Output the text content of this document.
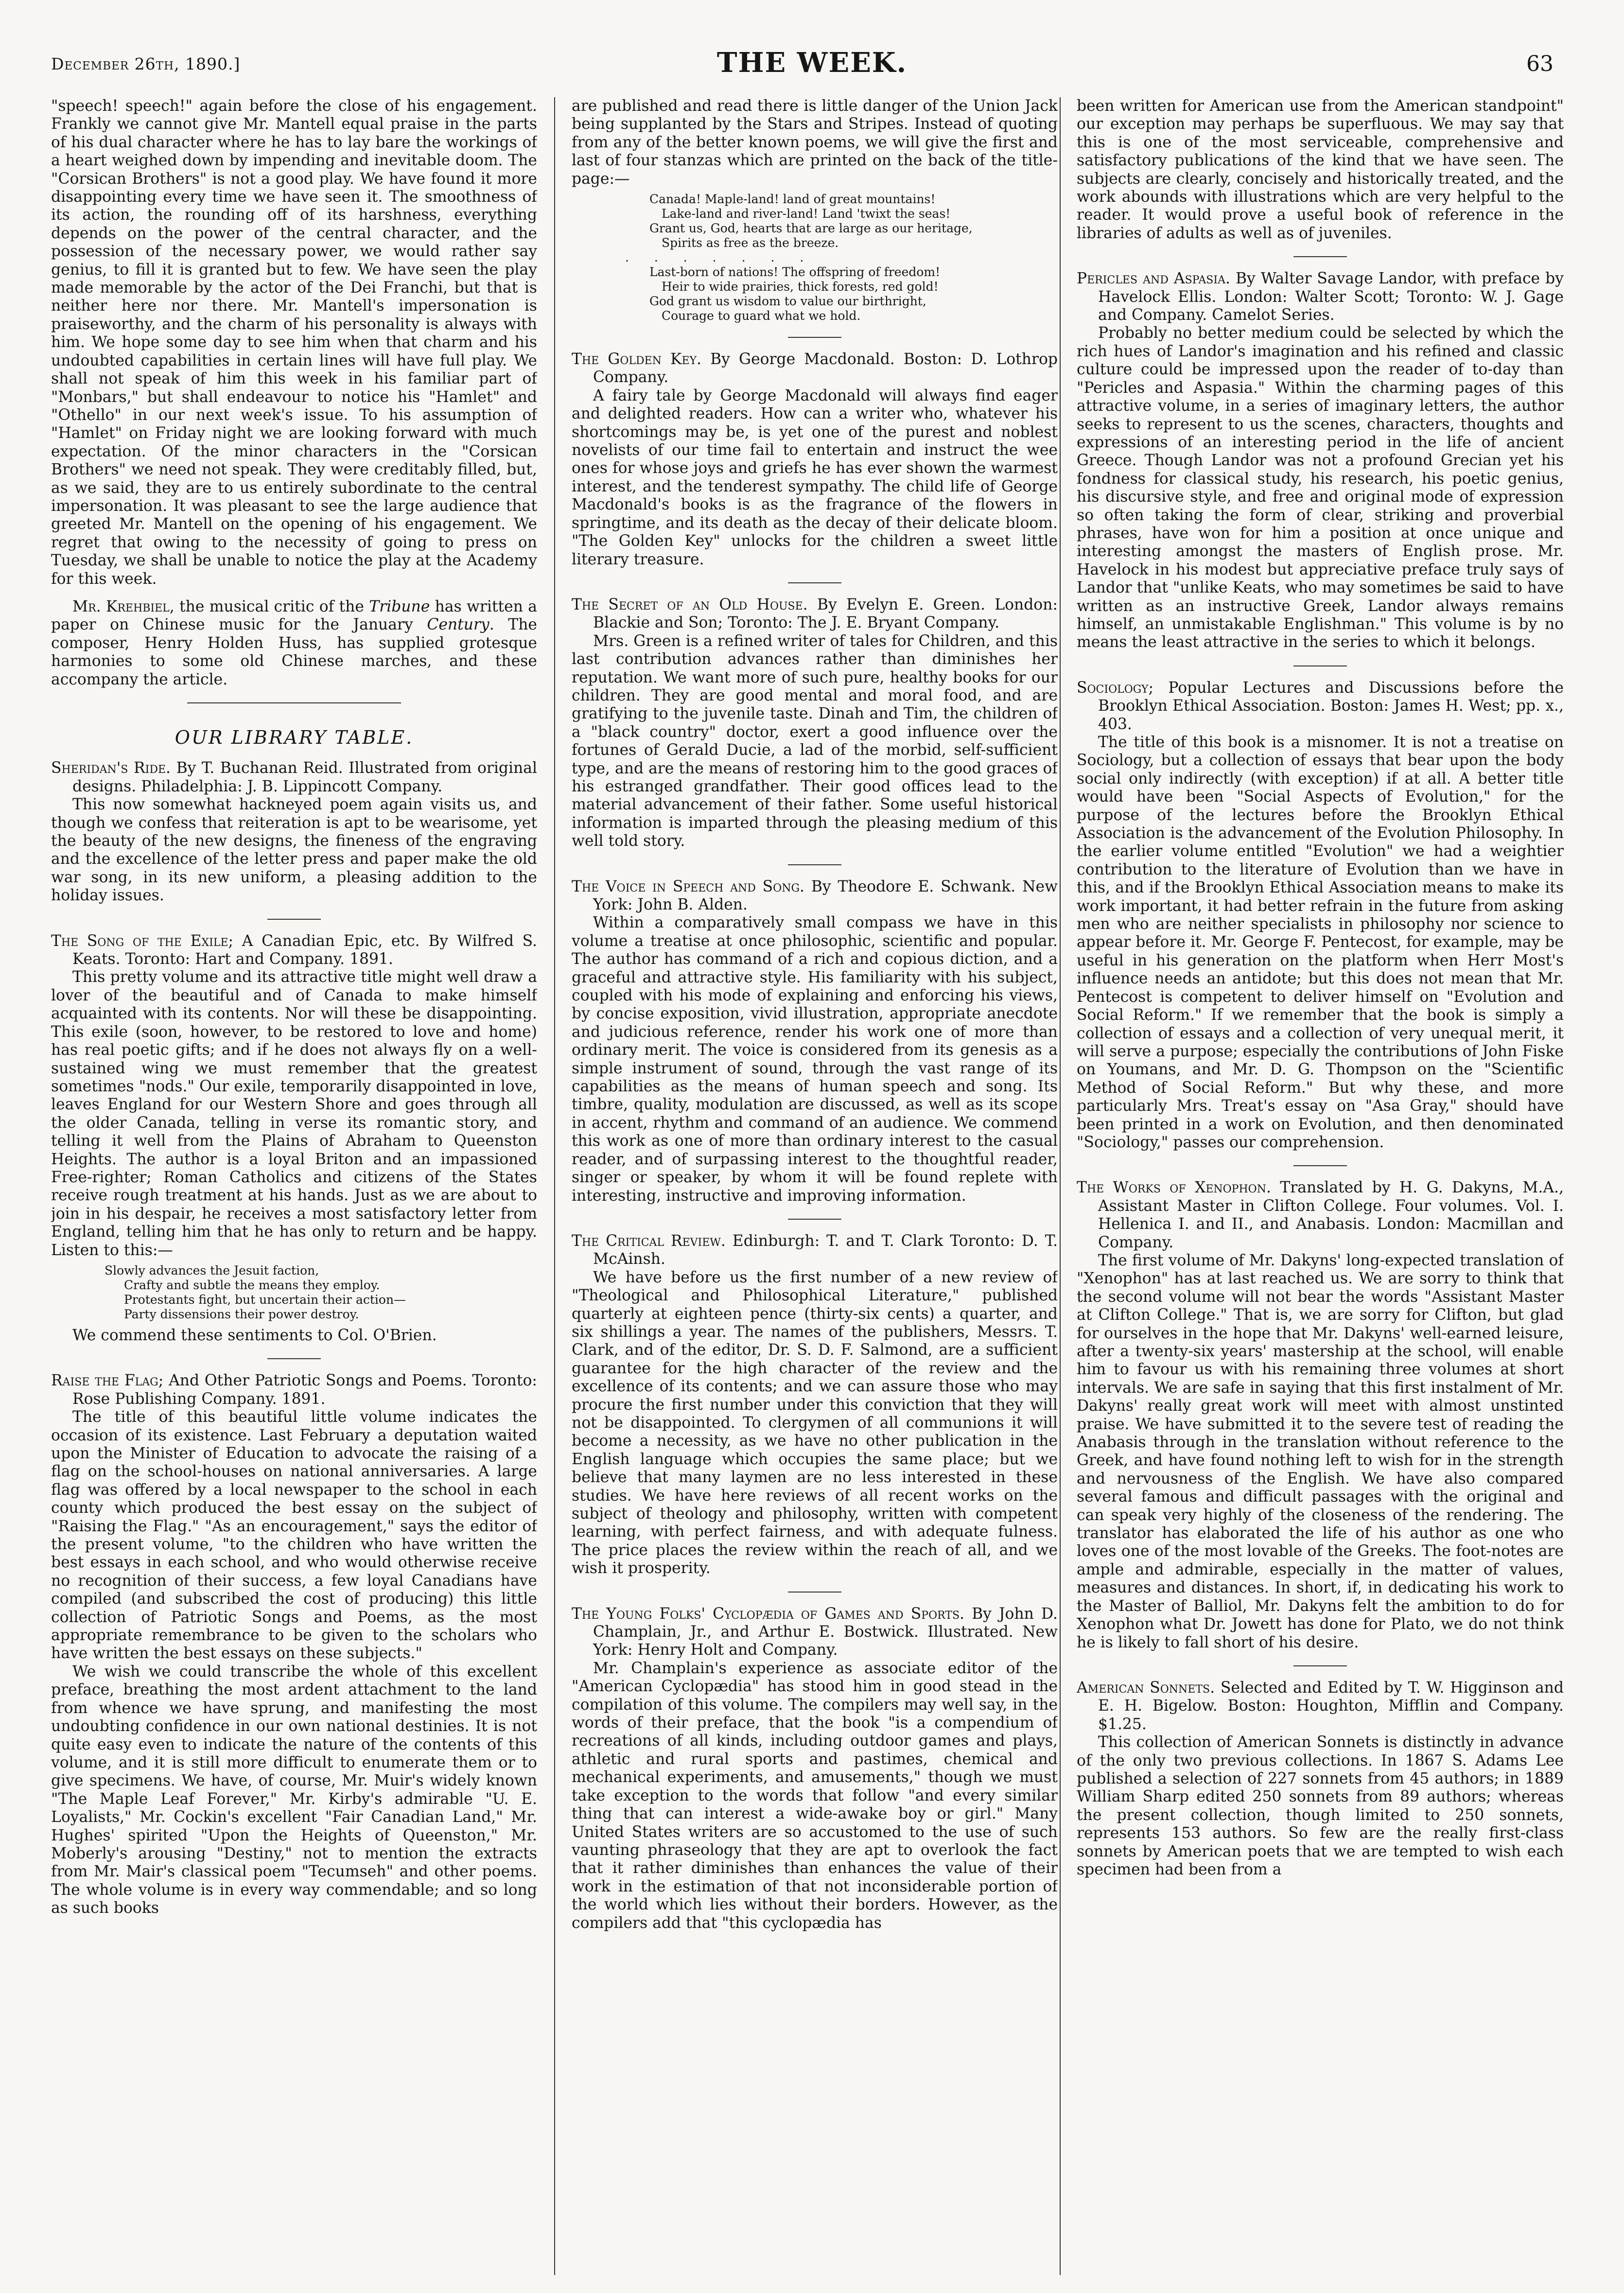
December 26th, 1890.]	THE WEEK.	63

"speech! speech!" again before the close of his engagement. Frankly we cannot give Mr. Mantell equal praise in the parts of his dual character where he has to lay bare the workings of a heart weighed down by impending and inevitable doom. The "Corsican Brothers" is not a good play. We have found it more disappointing every time we have seen it. The smoothness of its action, the rounding off of its harshness, everything depends on the power of the central character, and the possession of the necessary power, we would rather say genius, to fill it is granted but to few. We have seen the play made memorable by the actor of the Dei Franchi, but that is neither here nor there. Mr. Mantell's impersonation is praiseworthy, and the charm of his personality is always with him. We hope some day to see him when that charm and his undoubted capabilities in certain lines will have full play. We shall not speak of him this week in his familiar part of "Monbars," but shall endeavour to notice his "Hamlet" and "Othello" in our next week's issue. To his assumption of "Hamlet" on Friday night we are looking forward with much expectation. Of the minor characters in the "Corsican Brothers" we need not speak. They were creditably filled, but, as we said, they are to us entirely subordinate to the central impersonation. It was pleasant to see the large audience that greeted Mr. Mantell on the opening of his engagement. We regret that owing to the necessity of going to press on Tuesday, we shall be unable to notice the play at the Academy for this week.

Mr. Krehbiel, the musical critic of the Tribune has written a paper on Chinese music for the January Century. The composer, Henry Holden Huss, has supplied grotesque harmonies to some old Chinese marches, and these accompany the article.

OUR LIBRARY TABLE.
Sheridan's Ride. By T. Buchanan Reid. Illustrated from original designs. Philadelphia: J. B. Lippincott Company.

This now somewhat hackneyed poem again visits us, and though we confess that reiteration is apt to be wearisome, yet the beauty of the new designs, the fineness of the engraving and the excellence of the letter press and paper make the old war song, in its new uniform, a pleasing addition to the holiday issues.

The Song of the Exile; A Canadian Epic, etc. By Wilfred S. Keats. Toronto: Hart and Company. 1891.

This pretty volume and its attractive title might well draw a lover of the beautiful and of Canada to make himself acquainted with its contents. Nor will these be disappointing. This exile (soon, however, to be restored to love and home) has real poetic gifts; and if he does not always fly on a well-sustained wing we must remember that the greatest sometimes "nods." Our exile, temporarily disappointed in love, leaves England for our Western Shore and goes through all the older Canada, telling in verse its romantic story, and telling it well from the Plains of Abraham to Queenston Heights. The author is a loyal Briton and an impassioned Free-righter; Roman Catholics and citizens of the States receive rough treatment at his hands. Just as we are about to join in his despair, he receives a most satisfactory letter from England, telling him that he has only to return and be happy. Listen to this:—

Slowly advances the Jesuit faction,
Crafty and subtle the means they employ.
Protestants fight, but uncertain their action—
Party dissensions their power destroy.

We commend these sentiments to Col. O'Brien.

Raise the Flag; And Other Patriotic Songs and Poems. Toronto: Rose Publishing Company. 1891.

The title of this beautiful little volume indicates the occasion of its existence. Last February a deputation waited upon the Minister of Education to advocate the raising of a flag on the school-houses on national anniversaries. A large flag was offered by a local newspaper to the school in each county which produced the best essay on the subject of "Raising the Flag." "As an encouragement," says the editor of the present volume, "to the children who have written the best essays in each school, and who would otherwise receive no recognition of their success, a few loyal Canadians have compiled (and subscribed the cost of producing) this little collection of Patriotic Songs and Poems, as the most appropriate remembrance to be given to the scholars who have written the best essays on these subjects."

We wish we could transcribe the whole of this excellent preface, breathing the most ardent attachment to the land from whence we have sprung, and manifesting the most undoubting confidence in our own national destinies. It is not quite easy even to indicate the nature of the contents of this volume, and it is still more difficult to enumerate them or to give specimens. We have, of course, Mr. Muir's widely known "The Maple Leaf Forever," Mr. Kirby's admirable "U. E. Loyalists," Mr. Cockin's excellent "Fair Canadian Land," Mr. Hughes' spirited "Upon the Heights of Queenston," Mr. Moberly's arousing "Destiny," not to mention the extracts from Mr. Mair's classical poem "Tecumseh" and other poems. The whole volume is in every way commendable; and so long as such books

are published and read there is little danger of the Union Jack being supplanted by the Stars and Stripes. Instead of quoting from any of the better known poems, we will give the first and last of four stanzas which are printed on the back of the title-page:—

Canada! Maple-land! land of great mountains!
Lake-land and river-land! Land 'twixt the seas!
Grant us, God, hearts that are large as our heritage,
Spirits as free as the breeze.
. . . . . . .
Last-born of nations! The offspring of freedom!
Heir to wide prairies, thick forests, red gold!
God grant us wisdom to value our birthright,
Courage to guard what we hold.
The Golden Key. By George Macdonald. Boston: D. Lothrop Company.

A fairy tale by George Macdonald will always find eager and delighted readers. How can a writer who, whatever his shortcomings may be, is yet one of the purest and noblest novelists of our time fail to entertain and instruct the wee ones for whose joys and griefs he has ever shown the warmest interest, and the tenderest sympathy. The child life of George Macdonald's books is as the fragrance of the flowers in springtime, and its death as the decay of their delicate bloom. "The Golden Key" unlocks for the children a sweet little literary treasure.

The Secret of an Old House. By Evelyn E. Green. London: Blackie and Son; Toronto: The J. E. Bryant Company.

Mrs. Green is a refined writer of tales for Children, and this last contribution advances rather than diminishes her reputation. We want more of such pure, healthy books for our children. They are good mental and moral food, and are gratifying to the juvenile taste. Dinah and Tim, the children of a "black country" doctor, exert a good influence over the fortunes of Gerald Ducie, a lad of the morbid, self-sufficient type, and are the means of restoring him to the good graces of his estranged grandfather. Their good offices lead to the material advancement of their father. Some useful historical information is imparted through the pleasing medium of this well told story.

The Voice in Speech and Song. By Theodore E. Schwank. New York: John B. Alden.

Within a comparatively small compass we have in this volume a treatise at once philosophic, scientific and popular. The author has command of a rich and copious diction, and a graceful and attractive style. His familiarity with his subject, coupled with his mode of explaining and enforcing his views, by concise exposition, vivid illustration, appropriate anecdote and judicious reference, render his work one of more than ordinary merit. The voice is considered from its genesis as a simple instrument of sound, through the vast range of its capabilities as the means of human speech and song. Its timbre, quality, modulation are discussed, as well as its scope in accent, rhythm and command of an audience. We commend this work as one of more than ordinary interest to the casual reader, and of surpassing interest to the thoughtful reader, singer or speaker, by whom it will be found replete with interesting, instructive and improving information.

The Critical Review. Edinburgh: T. and T. Clark Toronto: D. T. McAinsh.

We have before us the first number of a new review of "Theological and Philosophical Literature," published quarterly at eighteen pence (thirty-six cents) a quarter, and six shillings a year. The names of the publishers, Messrs. T. Clark, and of the editor, Dr. S. D. F. Salmond, are a sufficient guarantee for the high character of the review and the excellence of its contents; and we can assure those who may procure the first number under this conviction that they will not be disappointed. To clergymen of all communions it will become a necessity, as we have no other publication in the English language which occupies the same place; but we believe that many laymen are no less interested in these studies. We have here reviews of all recent works on the subject of theology and philosophy, written with competent learning, with perfect fairness, and with adequate fulness. The price places the review within the reach of all, and we wish it prosperity.

The Young Folks' Cyclopædia of Games and Sports. By John D. Champlain, Jr., and Arthur E. Bostwick. Illustrated. New York: Henry Holt and Company.

Mr. Champlain's experience as associate editor of the "American Cyclopædia" has stood him in good stead in the compilation of this volume. The compilers may well say, in the words of their preface, that the book "is a compendium of recreations of all kinds, including outdoor games and plays, athletic and rural sports and pastimes, chemical and mechanical experiments, and amusements," though we must take exception to the words that follow "and every similar thing that can interest a wide-awake boy or girl." Many United States writers are so accustomed to the use of such vaunting phraseology that they are apt to overlook the fact that it rather diminishes than enhances the value of their work in the estimation of that not inconsiderable portion of the world which lies without their borders. However, as the compilers add that "this cyclopædia has

been written for American use from the American standpoint" our exception may perhaps be superfluous. We may say that this is one of the most serviceable, comprehensive and satisfactory publications of the kind that we have seen. The subjects are clearly, concisely and historically treated, and the work abounds with illustrations which are very helpful to the reader. It would prove a useful book of reference in the libraries of adults as well as of juveniles.

Pericles and Aspasia. By Walter Savage Landor, with preface by Havelock Ellis. London: Walter Scott; Toronto: W. J. Gage and Company. Camelot Series.

Probably no better medium could be selected by which the rich hues of Landor's imagination and his refined and classic culture could be impressed upon the reader of to-day than "Pericles and Aspasia." Within the charming pages of this attractive volume, in a series of imaginary letters, the author seeks to represent to us the scenes, characters, thoughts and expressions of an interesting period in the life of ancient Greece. Though Landor was not a profound Grecian yet his fondness for classical study, his research, his poetic genius, his discursive style, and free and original mode of expression so often taking the form of clear, striking and proverbial phrases, have won for him a position at once unique and interesting amongst the masters of English prose. Mr. Havelock in his modest but appreciative preface truly says of Landor that "unlike Keats, who may sometimes be said to have written as an instructive Greek, Landor always remains himself, an unmistakable Englishman." This volume is by no means the least attractive in the series to which it belongs.

Sociology; Popular Lectures and Discussions before the Brooklyn Ethical Association. Boston: James H. West; pp. x., 403.

The title of this book is a misnomer. It is not a treatise on Sociology, but a collection of essays that bear upon the body social only indirectly (with exception) if at all. A better title would have been "Social Aspects of Evolution," for the purpose of the lectures before the Brooklyn Ethical Association is the advancement of the Evolution Philosophy. In the earlier volume entitled "Evolution" we had a weightier contribution to the literature of Evolution than we have in this, and if the Brooklyn Ethical Association means to make its work important, it had better refrain in the future from asking men who are neither specialists in philosophy nor science to appear before it. Mr. George F. Pentecost, for example, may be useful in his generation on the platform when Herr Most's influence needs an antidote; but this does not mean that Mr. Pentecost is competent to deliver himself on "Evolution and Social Reform." If we remember that the book is simply a collection of essays and a collection of very unequal merit, it will serve a purpose; especially the contributions of John Fiske on Youmans, and Mr. D. G. Thompson on the "Scientific Method of Social Reform." But why these, and more particularly Mrs. Treat's essay on "Asa Gray," should have been printed in a work on Evolution, and then denominated "Sociology," passes our comprehension.

The Works of Xenophon. Translated by H. G. Dakyns, M.A., Assistant Master in Clifton College. Four volumes. Vol. I. Hellenica I. and II., and Anabasis. London: Macmillan and Company.

The first volume of Mr. Dakyns' long-expected translation of "Xenophon" has at last reached us. We are sorry to think that the second volume will not bear the words "Assistant Master at Clifton College." That is, we are sorry for Clifton, but glad for ourselves in the hope that Mr. Dakyns' well-earned leisure, after a twenty-six years' mastership at the school, will enable him to favour us with his remaining three volumes at short intervals. We are safe in saying that this first instalment of Mr. Dakyns' really great work will meet with almost unstinted praise. We have submitted it to the severe test of reading the Anabasis through in the translation without reference to the Greek, and have found nothing left to wish for in the strength and nervousness of the English. We have also compared several famous and difficult passages with the original and can speak very highly of the closeness of the rendering. The translator has elaborated the life of his author as one who loves one of the most lovable of the Greeks. The foot-notes are ample and admirable, especially in the matter of values, measures and distances. In short, if, in dedicating his work to the Master of Balliol, Mr. Dakyns felt the ambition to do for Xenophon what Dr. Jowett has done for Plato, we do not think he is likely to fall short of his desire.

American Sonnets. Selected and Edited by T. W. Higginson and E. H. Bigelow. Boston: Houghton, Mifflin and Company. $1.25.

This collection of American Sonnets is distinctly in advance of the only two previous collections. In 1867 S. Adams Lee published a selection of 227 sonnets from 45 authors; in 1889 William Sharp edited 250 sonnets from 89 authors; whereas the present collection, though limited to 250 sonnets, represents 153 authors. So few are the really first-class sonnets by American poets that we are tempted to wish each specimen had been from a
